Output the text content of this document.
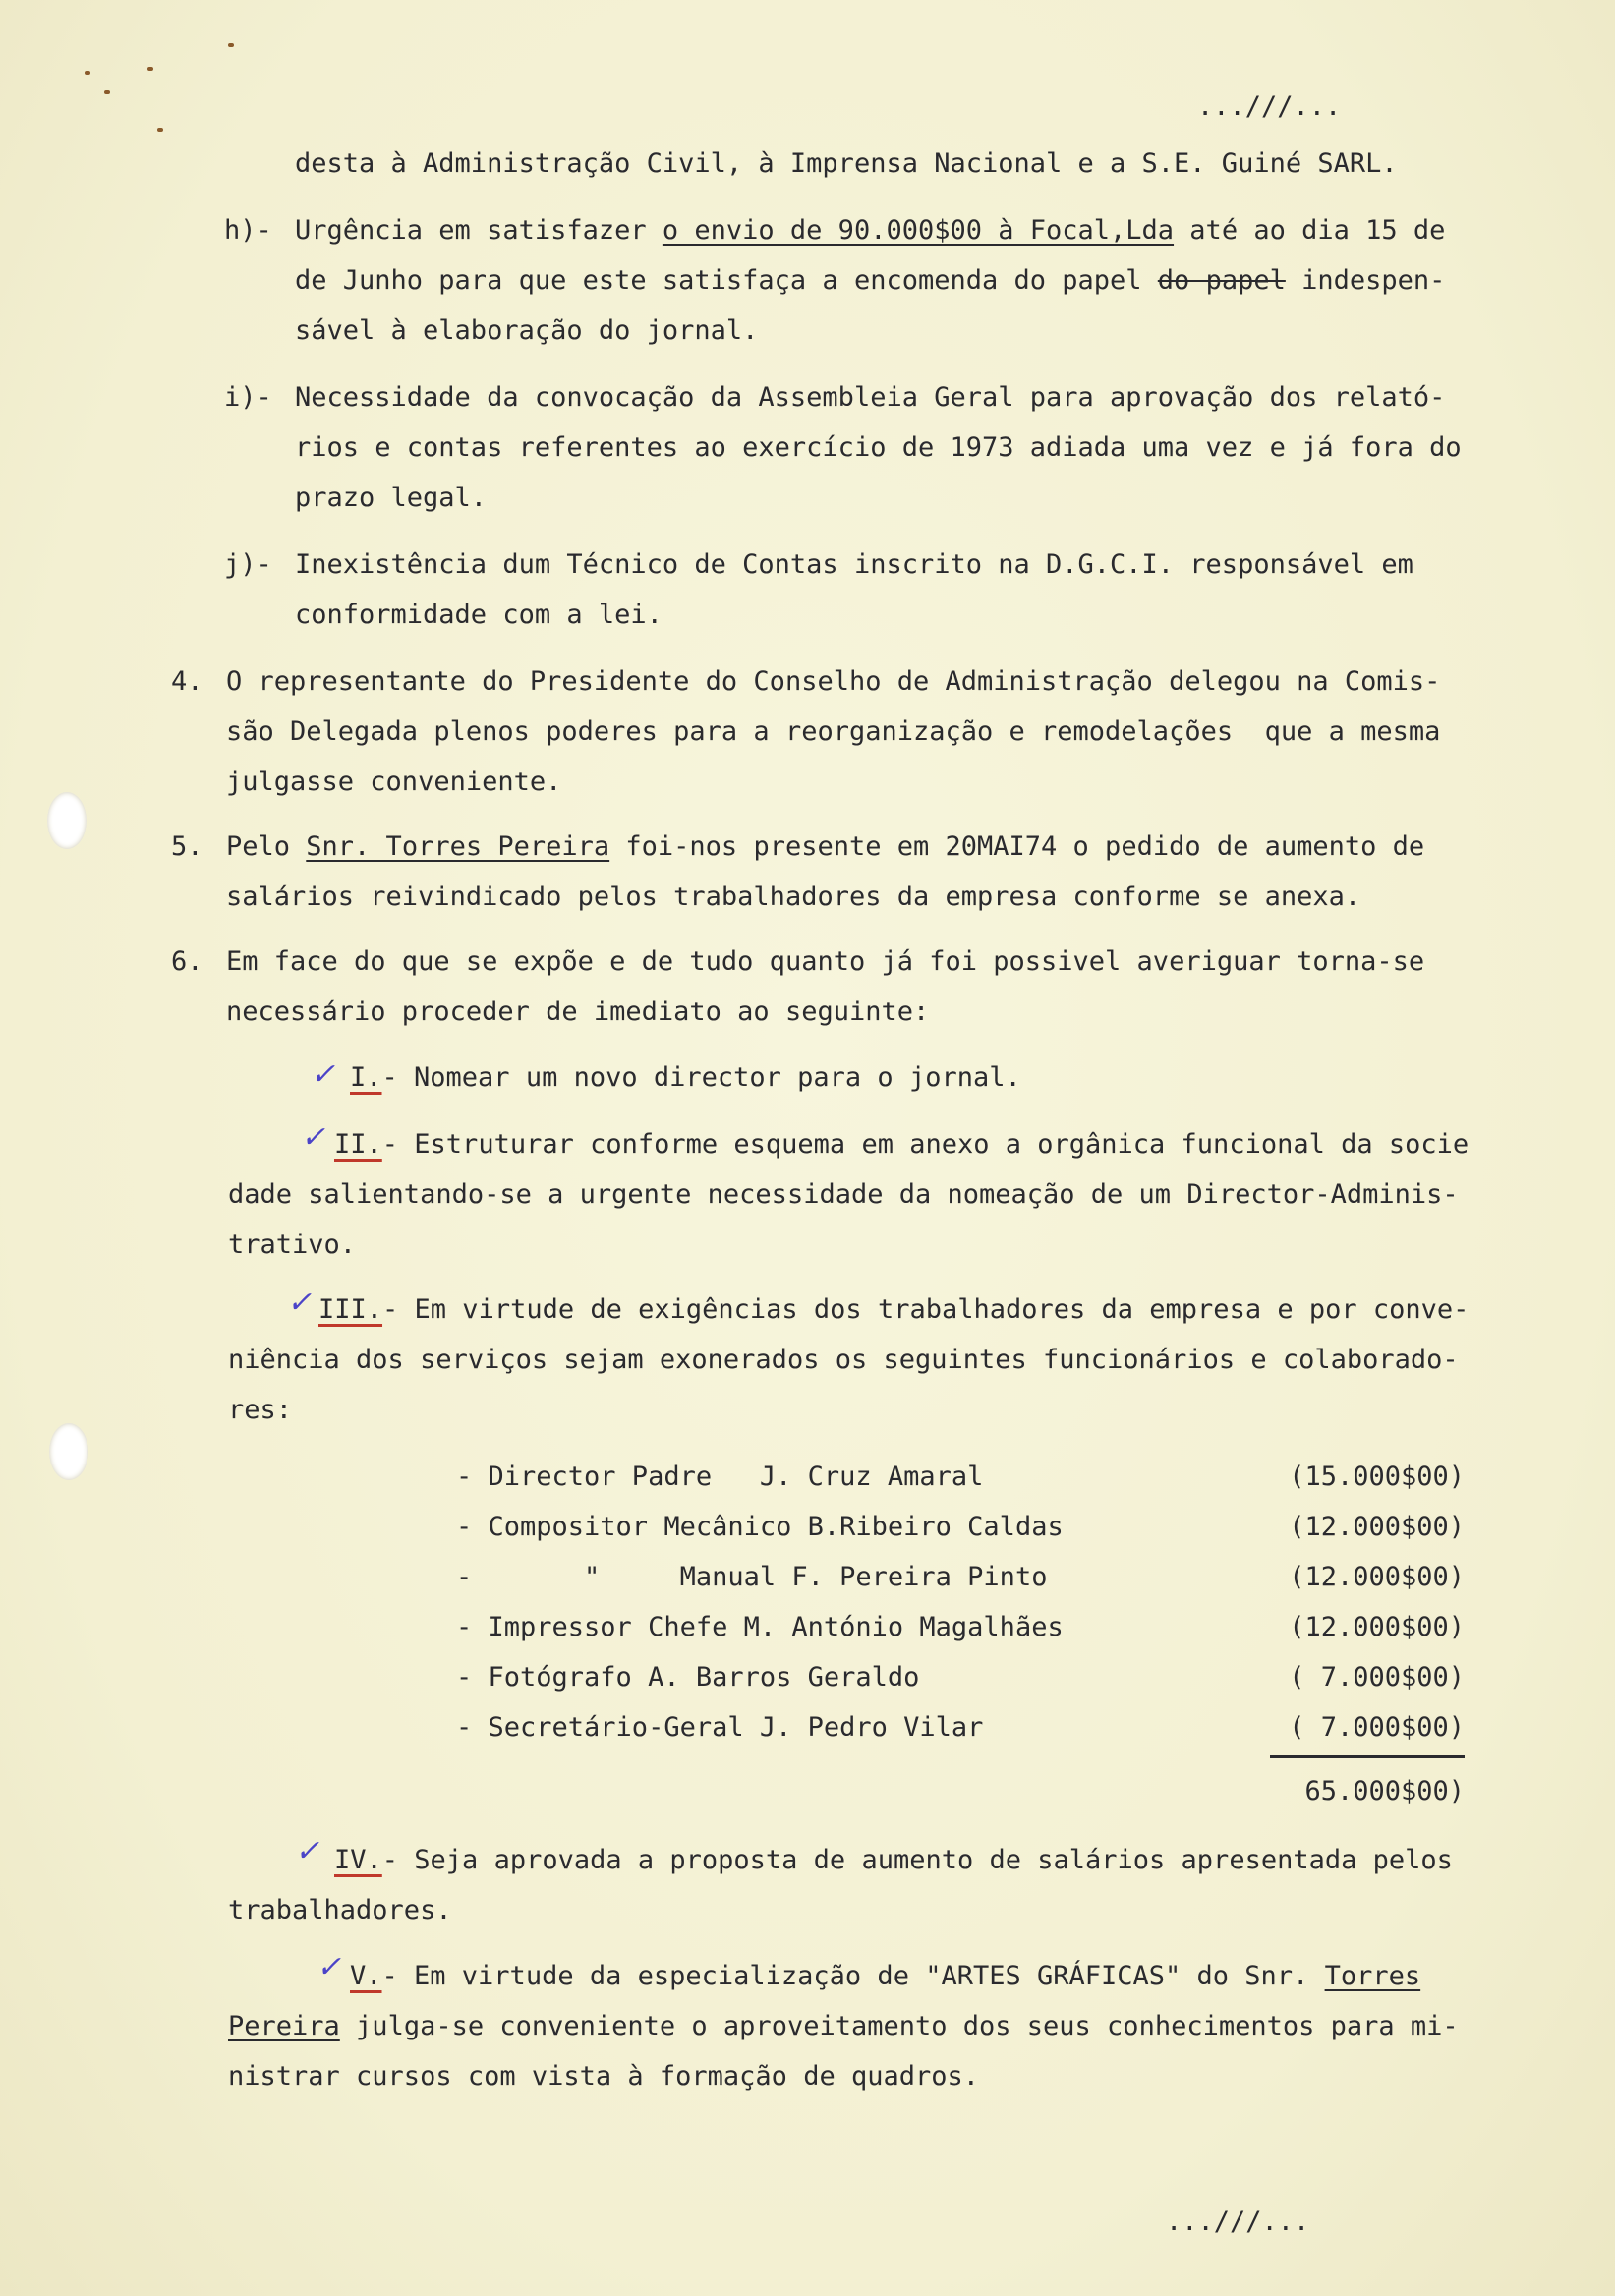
...///...
desta à Administração Civil, à Imprensa Nacional e a S.E. Guiné SARL.
h)- Urgência em satisfazer o envio de 90.000$00 à Focal,Lda até ao dia 15 de
de Junho para que este satisfaça a encomenda do papel do papel indespen-
sável à elaboração do jornal.
i)- Necessidade da convocação da Assembleia Geral para aprovação dos relató-
rios e contas referentes ao exercício de 1973 adiada uma vez e já fora do
prazo legal.
j)- Inexistência dum Técnico de Contas inscrito na D.G.C.I. responsável em
conformidade com a lei.
4. O representante do Presidente do Conselho de Administração delegou na Comis-
são Delegada plenos poderes para a reorganização e remodelações  que a mesma
julgasse conveniente.
5. Pelo Snr. Torres Pereira foi-nos presente em 20MAI74 o pedido de aumento de
salários reivindicado pelos trabalhadores da empresa conforme se anexa.
6. Em face do que se expõe e de tudo quanto já foi possivel averiguar torna-se
necessário proceder de imediato ao seguinte:
✓ I.- Nomear um novo director para o jornal.
✓ II.- Estruturar conforme esquema em anexo a orgânica funcional da socie
dade salientando-se a urgente necessidade da nomeação de um Director-Adminis-
trativo.
✓ III.- Em virtude de exigências dos trabalhadores da empresa e por conve-
niência dos serviços sejam exonerados os seguintes funcionários e colaborado-
res:
- Director Padre   J. Cruz Amaral	(15.000$00)
- Compositor Mecânico B.Ribeiro Caldas	(12.000$00)
-       "     Manual F. Pereira Pinto	(12.000$00)
- Impressor Chefe M. António Magalhães	(12.000$00)
- Fotógrafo A. Barros Geraldo	( 7.000$00)
- Secretário-Geral J. Pedro Vilar	( 7.000$00)
65.000$00)
✓ IV.- Seja aprovada a proposta de aumento de salários apresentada pelos
trabalhadores.
✓ V.- Em virtude da especialização de "ARTES GRÁFICAS" do Snr. Torres
Pereira julga-se conveniente o aproveitamento dos seus conhecimentos para mi-
nistrar cursos com vista à formação de quadros.
...///...
